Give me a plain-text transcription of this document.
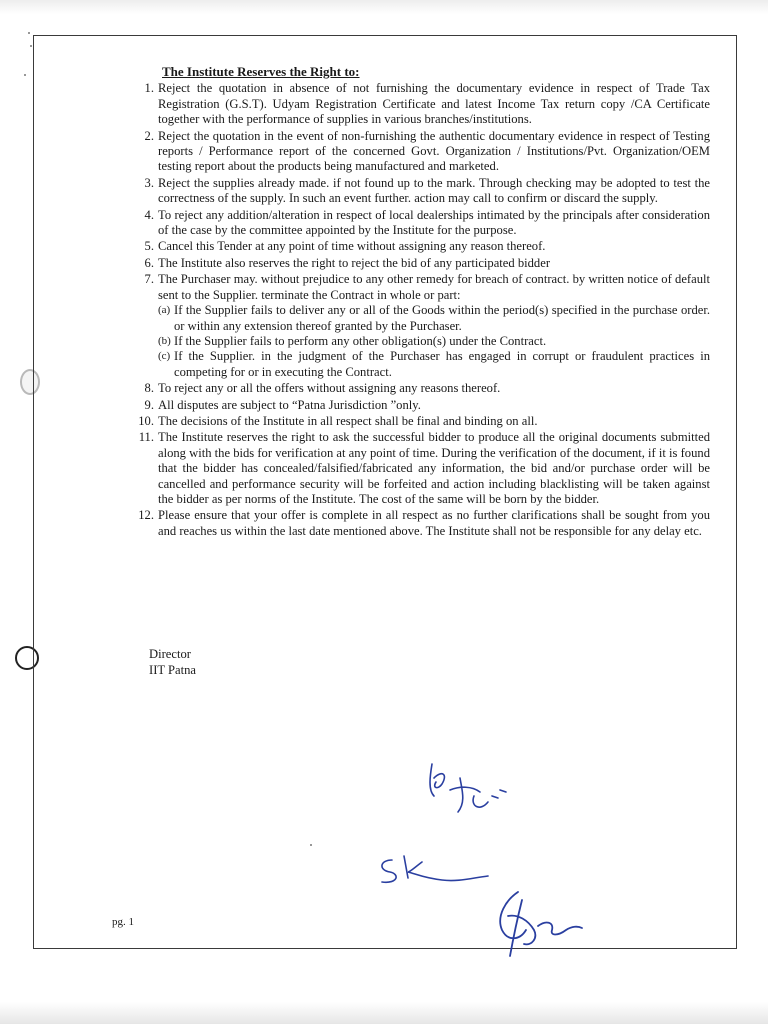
The Institute Reserves the Right to:
1. Reject the quotation in absence of not furnishing the documentary evidence in respect of Trade Tax Registration (G.S.T). Udyam Registration Certificate and latest Income Tax return copy /CA Certificate together with the performance of supplies in various branches/institutions.
2. Reject the quotation in the event of non-furnishing the authentic documentary evidence in respect of Testing reports / Performance report of the concerned Govt. Organization / Institutions/Pvt. Organization/OEM testing report about the products being manufactured and marketed.
3. Reject the supplies already made. if not found up to the mark. Through checking may be adopted to test the correctness of the supply. In such an event further. action may call to confirm or discard the supply.
4. To reject any addition/alteration in respect of local dealerships intimated by the principals after consideration of the case by the committee appointed by the Institute for the purpose.
5. Cancel this Tender at any point of time without assigning any reason thereof.
6. The Institute also reserves the right to reject the bid of any participated bidder
7. The Purchaser may. without prejudice to any other remedy for breach of contract. by written notice of default sent to the Supplier. terminate the Contract in whole or part:
(a) If the Supplier fails to deliver any or all of the Goods within the period(s) specified in the purchase order. or within any extension thereof granted by the Purchaser.
(b) If the Supplier fails to perform any other obligation(s) under the Contract.
(c) If the Supplier. in the judgment of the Purchaser has engaged in corrupt or fraudulent practices in competing for or in executing the Contract.
8. To reject any or all the offers without assigning any reasons thereof.
9. All disputes are subject to “Patna Jurisdiction ”only.
10. The decisions of the Institute in all respect shall be final and binding on all.
11. The Institute reserves the right to ask the successful bidder to produce all the original documents submitted along with the bids for verification at any point of time. During the verification of the document, if it is found that the bidder has concealed/falsified/fabricated any information, the bid and/or purchase order will be cancelled and performance security will be forfeited and action including blacklisting will be taken against the bidder as per norms of the Institute. The cost of the same will be born by the bidder.
12. Please ensure that your offer is complete in all respect as no further clarifications shall be sought from you and reaches us within the last date mentioned above. The Institute shall not be responsible for any delay etc.
Director
IIT Patna
pg. 1
